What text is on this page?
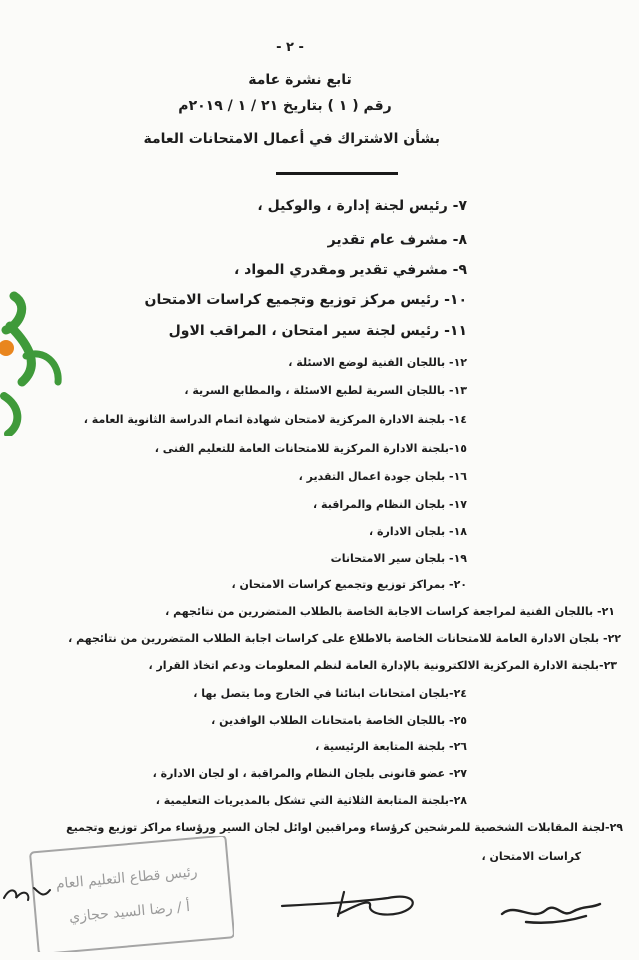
- ٢ -
تابع نشرة عامة
رقم ( ١ ) بتاريخ ٢١ / ١ / ٢٠١٩م
بشأن الاشتراك في أعمال الامتحانات العامة
٧- رئيس لجنة إدارة ، والوكيل ،
٨- مشرف عام تقدير
٩- مشرفي تقدير ومقدري المواد ،
١٠- رئيس مركز توزيع وتجميع كراسات الامتحان
١١- رئيس لجنة سير امتحان ، المراقب الاول
١٢- باللجان الفنية لوضع الاسئلة ،
١٣- باللجان السرية لطبع الاسئلة ، والمطابع السرية ،
١٤- بلجنة الادارة المركزية لامتحان شهادة اتمام الدراسة الثانوية العامة ،
١٥-بلجنة الادارة المركزية للامتحانات العامة للتعليم الفنى ،
١٦- بلجان جودة اعمال التقدير ،
١٧- بلجان النظام والمراقبة ،
١٨- بلجان الادارة ،
١٩- بلجان سير الامتحانات
٢٠- بمراكز توزيع وتجميع كراسات الامتحان ،
٢١- باللجان الفنية لمراجعة كراسات الاجابة الخاصة بالطلاب المتضررين من نتائجهم ،
٢٢- بلجان الادارة العامة للامتحانات الخاصة بالاطلاع على كراسات اجابة الطلاب المتضررين من نتائجهم ،
٢٣-بلجنة الادارة المركزية الالكترونية بالإدارة العامة لنظم المعلومات ودعم اتخاذ القرار ،
٢٤-بلجان امتحانات ابنائنا في الخارج وما يتصل بها ،
٢٥- باللجان الخاصة بامتحانات الطلاب الوافدين ،
٢٦- بلجنة المتابعة الرئيسية ،
٢٧- عضو قانونى بلجان النظام والمراقبة ، او لجان الادارة ،
٢٨-بلجنة المتابعة الثلاثية التي تشكل بالمديريات التعليمية ،
٢٩-لجنة المقابلات الشخصية للمرشحين كرؤساء ومراقبين اوائل لجان السير ورؤساء مراكز توزيع وتجميع
كراسات الامتحان ،
رئيس قطاع التعليم العام
أ / رضا السيد حجازي
